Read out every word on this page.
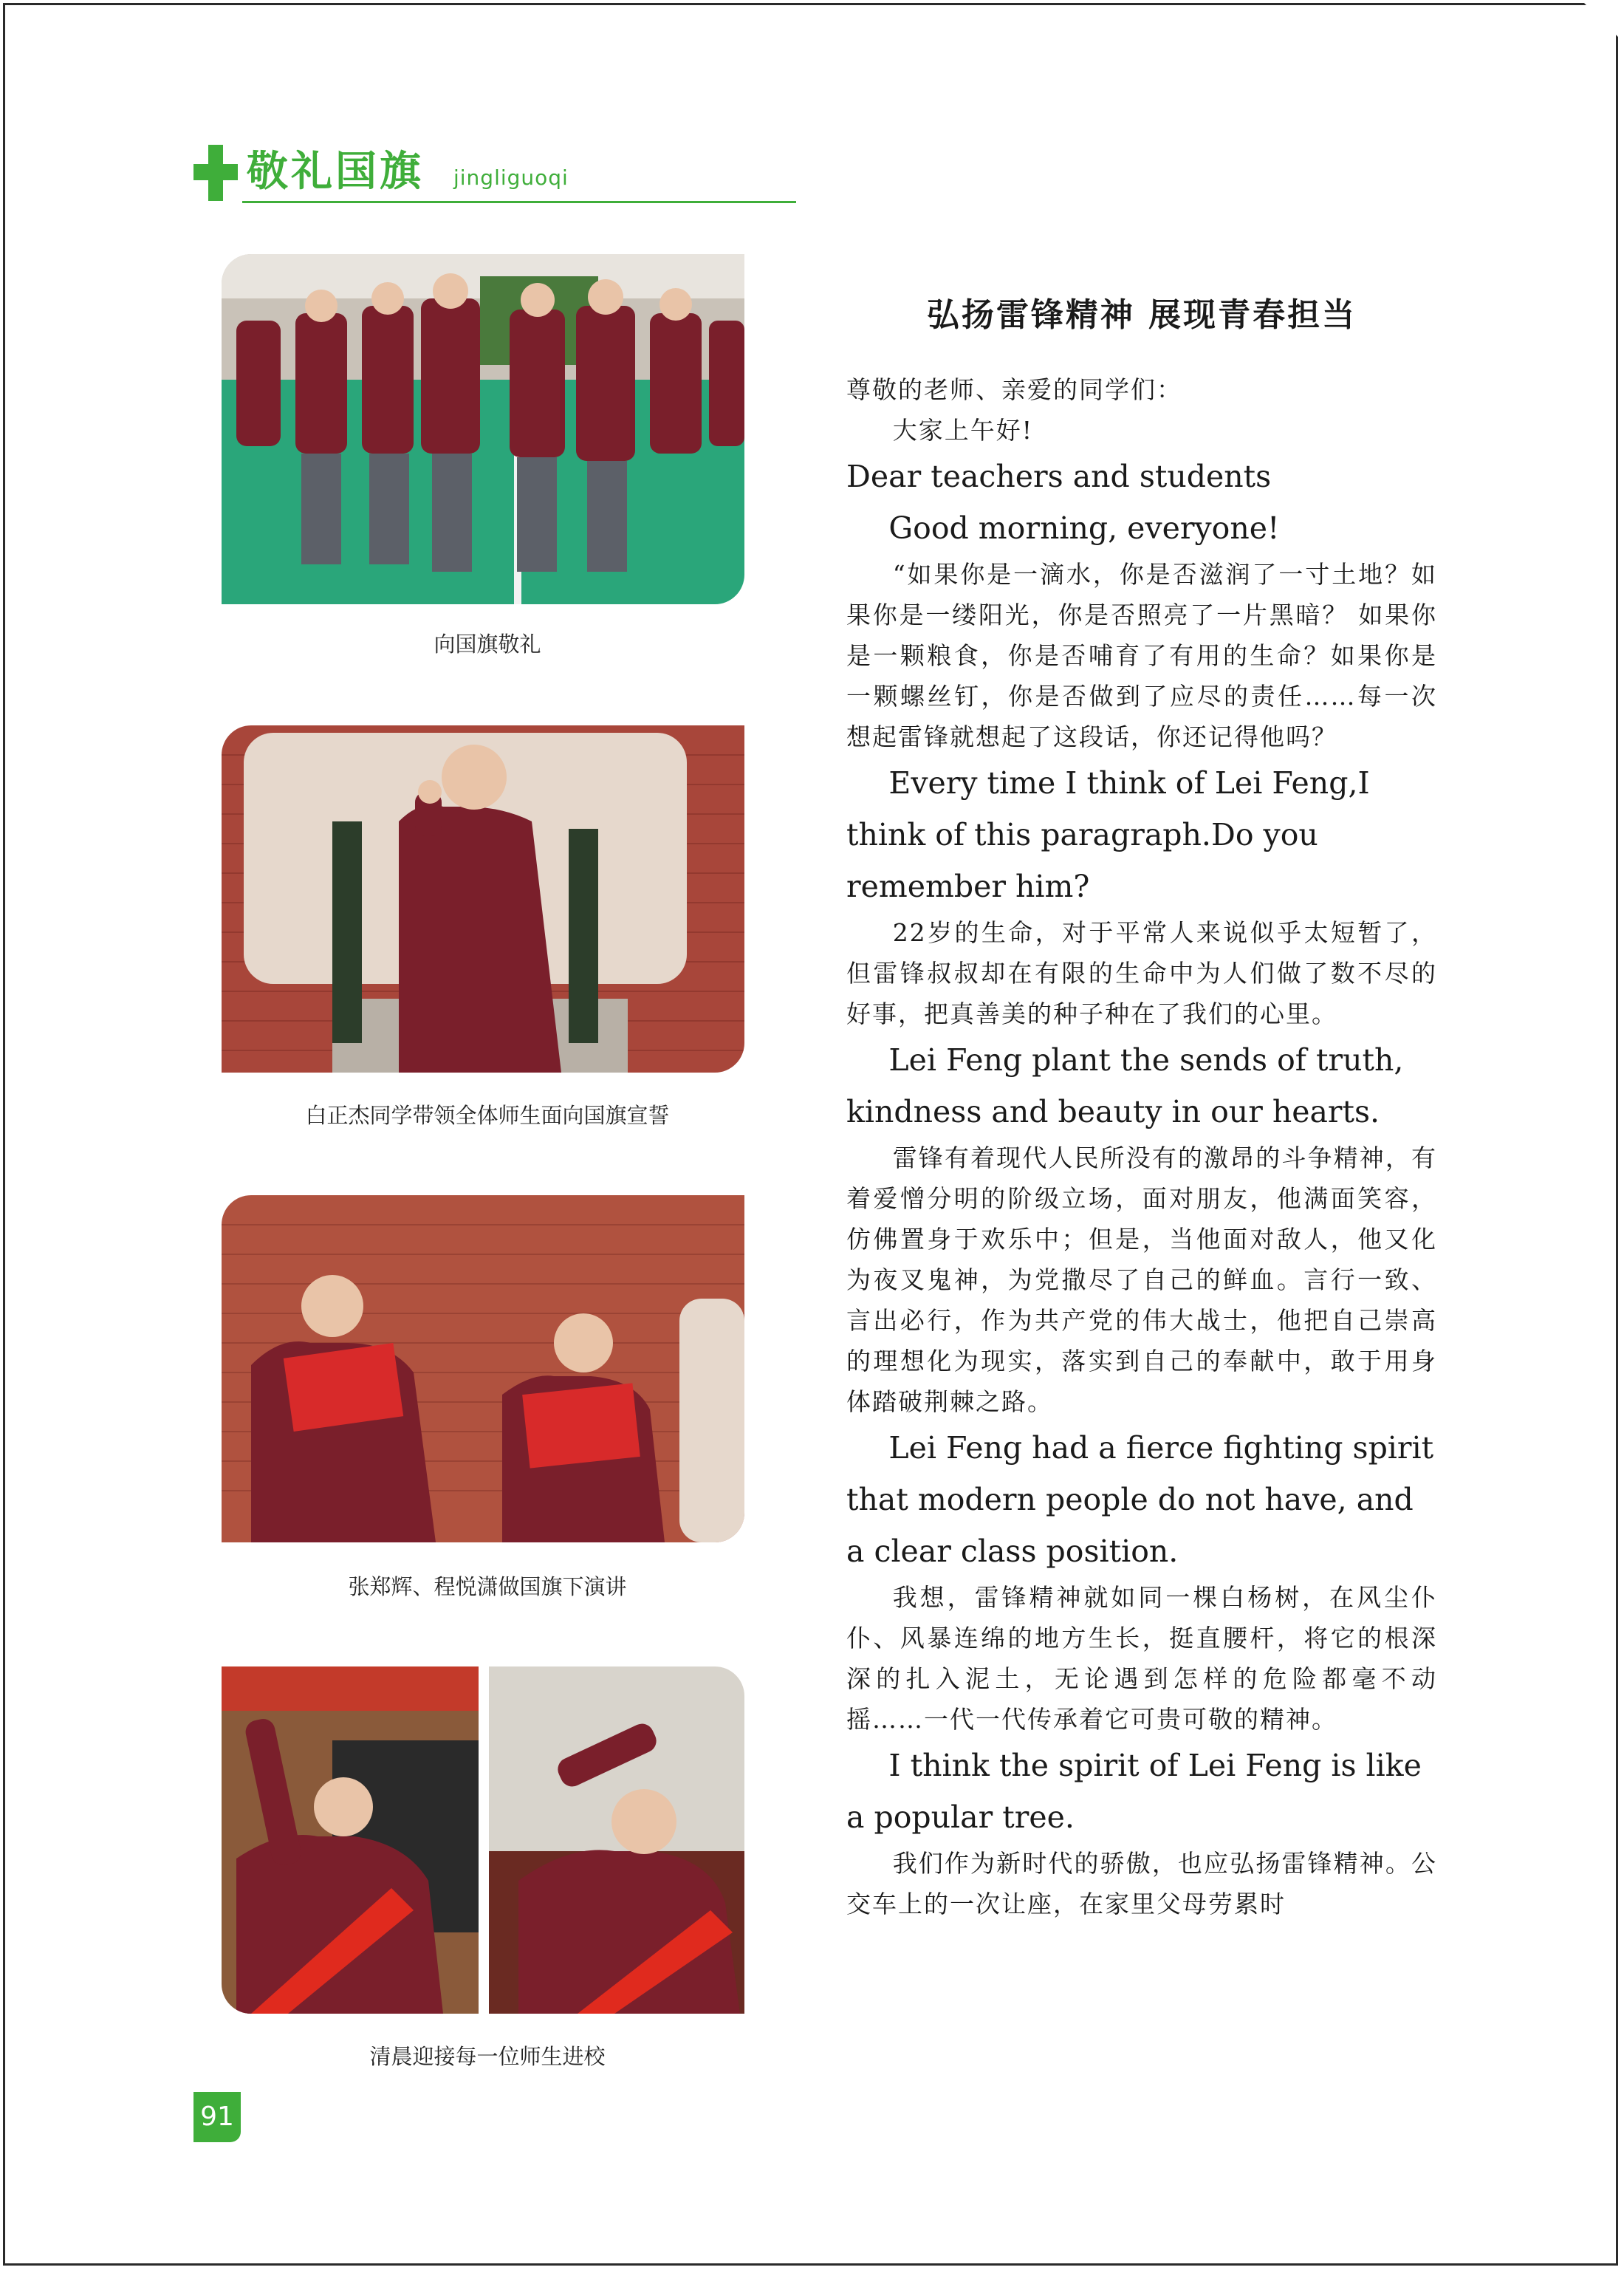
敬礼国旗 jingliguoqi
向国旗敬礼
白正杰同学带领全体师生面向国旗宣誓
张郑辉、程悦潇做国旗下演讲
清晨迎接每一位师生进校
弘扬雷锋精神 展现青春担当

尊敬的老师、亲爱的同学们：

大家上午好!

Dear teachers and students

Good morning, everyone!

“如果你是一滴水，你是否滋润了一寸土地？如果你是一缕阳光，你是否照亮了一片黑暗？ 如果你是一颗粮食，你是否哺育了有用的生命？如果你是一颗螺丝钉，你是否做到了应尽的责任……每一次想起雷锋就想起了这段话，你还记得他吗？

Every time I think of Lei Feng,I think of this paragraph.Do you remember him?

22岁的生命，对于平常人来说似乎太短暂了，但雷锋叔叔却在有限的生命中为人们做了数不尽的好事，把真善美的种子种在了我们的心里。

Lei Feng plant the sends of truth, kindness and beauty in our hearts.

雷锋有着现代人民所没有的激昂的斗争精神，有着爱憎分明的阶级立场，面对朋友，他满面笑容，仿佛置身于欢乐中；但是，当他面对敌人，他又化为夜叉鬼神，为党撒尽了自己的鲜血。言行一致、言出必行，作为共产党的伟大战士，他把自己崇高的理想化为现实，落实到自己的奉献中，敢于用身体踏破荆棘之路。

Lei Feng had a fierce fighting spirit that modern people do not have, and a clear class position.

我想，雷锋精神就如同一棵白杨树，在风尘仆仆、风暴连绵的地方生长，挺直腰杆，将它的根深深的扎入泥土，无论遇到怎样的危险都毫不动摇……一代一代传承着它可贵可敬的精神。

I think the spirit of Lei Feng is like a popular tree.

我们作为新时代的骄傲，也应弘扬雷锋精神。公交车上的一次让座，在家里父母劳累时

91
